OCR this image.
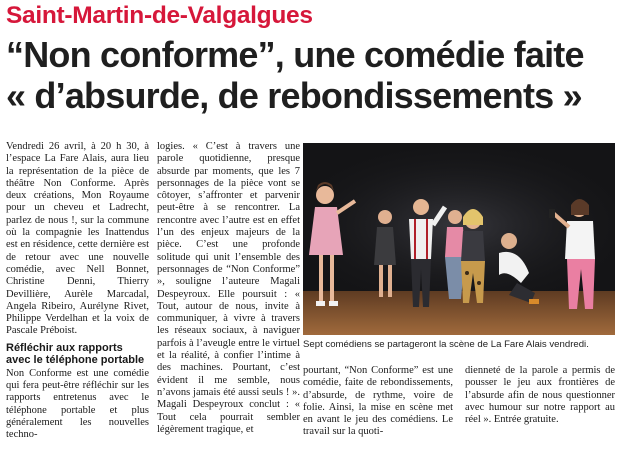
Saint-Martin-de-Valgalgues
“Non conforme”, une comédie faite
« d’absurde, de rebondissements »

Vendredi 26 avril, à 20 h 30, à l’espace La Fare Alais, aura lieu la représentation de la pièce de théâtre Non Conforme. Après deux créations, Mon Royaume pour un cheveu et Ladrecht, parlez de nous !, sur la commune où la compagnie les Inattendus est en résidence, cette dernière est de retour avec une nouvelle comédie, avec Nell Bonnet, Christine Denni, Thierry Devillière, Aurèle Marcadal, Angela Ribeiro, Aurélyne Rivet, Philippe Verdelhan et la voix de Pascale Préboist.

Réfléchir aux rapports avec le téléphone portable

Non Conforme est une comédie qui fera peut-être réfléchir sur les rapports entretenus avec le téléphone portable et plus généralement les nouvelles techno-

logies. « C’est à travers une parole quotidienne, presque absurde par moments, que les 7 personnages de la pièce vont se côtoyer, s’affronter et parvenir peut-être à se rencontrer. La rencontre avec l’autre est en effet l’un des enjeux majeurs de la pièce. C’est une profonde solitude qui unit l’ensemble des personnages de “Non Conforme” », souligne l’auteure Magali Despeyroux. Elle poursuit : « Tout, autour de nous, invite à communiquer, à vivre à travers les réseaux sociaux, à naviguer parfois à l’aveugle entre le virtuel et la réalité, à confier l’intime à des machines. Pourtant, c’est évident il me semble, nous n’avons jamais été aussi seuls ! ». Magali Despeyroux conclut : « Tout cela pourrait sembler légèrement tragique, et

Sept comédiens se partageront la scène de La Fare Alais vendredi.

pourtant, “Non Conforme” est une comédie, faite de rebondissements, d’absurde, de rythme, voire de folie. Ainsi, la mise en scène met en avant le jeu des comédiens. Le travail sur la quoti-

dienneté de la parole a permis de pousser le jeu aux frontières de l’absurde afin de nous questionner avec humour sur notre rapport au réel ». Entrée gratuite.
